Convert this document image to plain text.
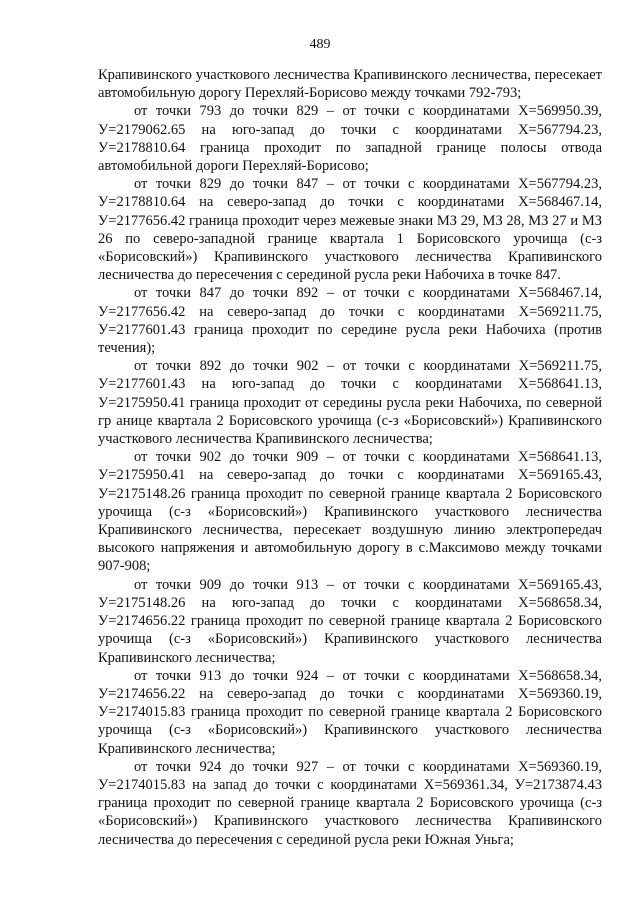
489

Крапивинского участкового лесничества Крапивинского лесничества, пересекает автомобильную дорогу Перехляй-Борисово между точками 792-793;

от точки 793 до точки 829 – от точки с координатами Х=569950.39, У=2179062.65 на юго-запад до точки с координатами Х=567794.23, У=2178810.64 граница проходит по западной границе полосы отвода автомобильной дороги Перехляй-Борисово;

от точки 829 до точки 847 – от точки с координатами Х=567794.23, У=2178810.64 на северо-запад до точки с координатами Х=568467.14, У=2177656.42 граница проходит через межевые знаки МЗ 29, МЗ 28, МЗ 27 и МЗ 26 по северо-западной границе квартала 1 Борисовского урочища (с-з «Борисовский») Крапивинского участкового лесничества Крапивинского лесничества до пересечения с серединой русла реки Набочиха в точке 847.

от точки 847 до точки 892 – от точки с координатами Х=568467.14, У=2177656.42 на северо-запад до точки с координатами Х=569211.75, У=2177601.43 граница проходит по середине русла реки Набочиха (против течения);

от точки 892 до точки 902 – от точки с координатами Х=569211.75, У=2177601.43 на юго-запад до точки с координатами Х=568641.13, У=2175950.41 граница проходит от середины русла реки Набочиха, по северной гр анице квартала 2 Борисовского урочища (с-з «Борисовский») Крапивинского участкового лесничества Крапивинского лесничества;

от точки 902 до точки 909 – от точки с координатами Х=568641.13, У=2175950.41 на северо-запад до точки с координатами Х=569165.43, У=2175148.26 граница проходит по северной границе квартала 2 Борисовского урочища (с-з «Борисовский») Крапивинского участкового лесничества Крапивинского лесничества, пересекает воздушную линию электропередач высокого напряжения и автомобильную дорогу в с.Максимово между точками 907-908;

от точки 909 до точки 913 – от точки с координатами Х=569165.43, У=2175148.26 на юго-запад до точки с координатами Х=568658.34, У=2174656.22 граница проходит по северной границе квартала 2 Борисовского урочища (с-з «Борисовский») Крапивинского участкового лесничества Крапивинского лесничества;

от точки 913 до точки 924 – от точки с координатами Х=568658.34, У=2174656.22 на северо-запад до точки с координатами Х=569360.19, У=2174015.83 граница проходит по северной границе квартала 2 Борисовского урочища (с-з «Борисовский») Крапивинского участкового лесничества Крапивинского лесничества;

от точки 924 до точки 927 – от точки с координатами Х=569360.19, У=2174015.83 на запад до точки с координатами Х=569361.34, У=2173874.43 граница проходит по северной границе квартала 2 Борисовского урочища (с-з «Борисовский») Крапивинского участкового лесничества Крапивинского лесничества до пересечения с серединой русла реки Южная Уньга;
